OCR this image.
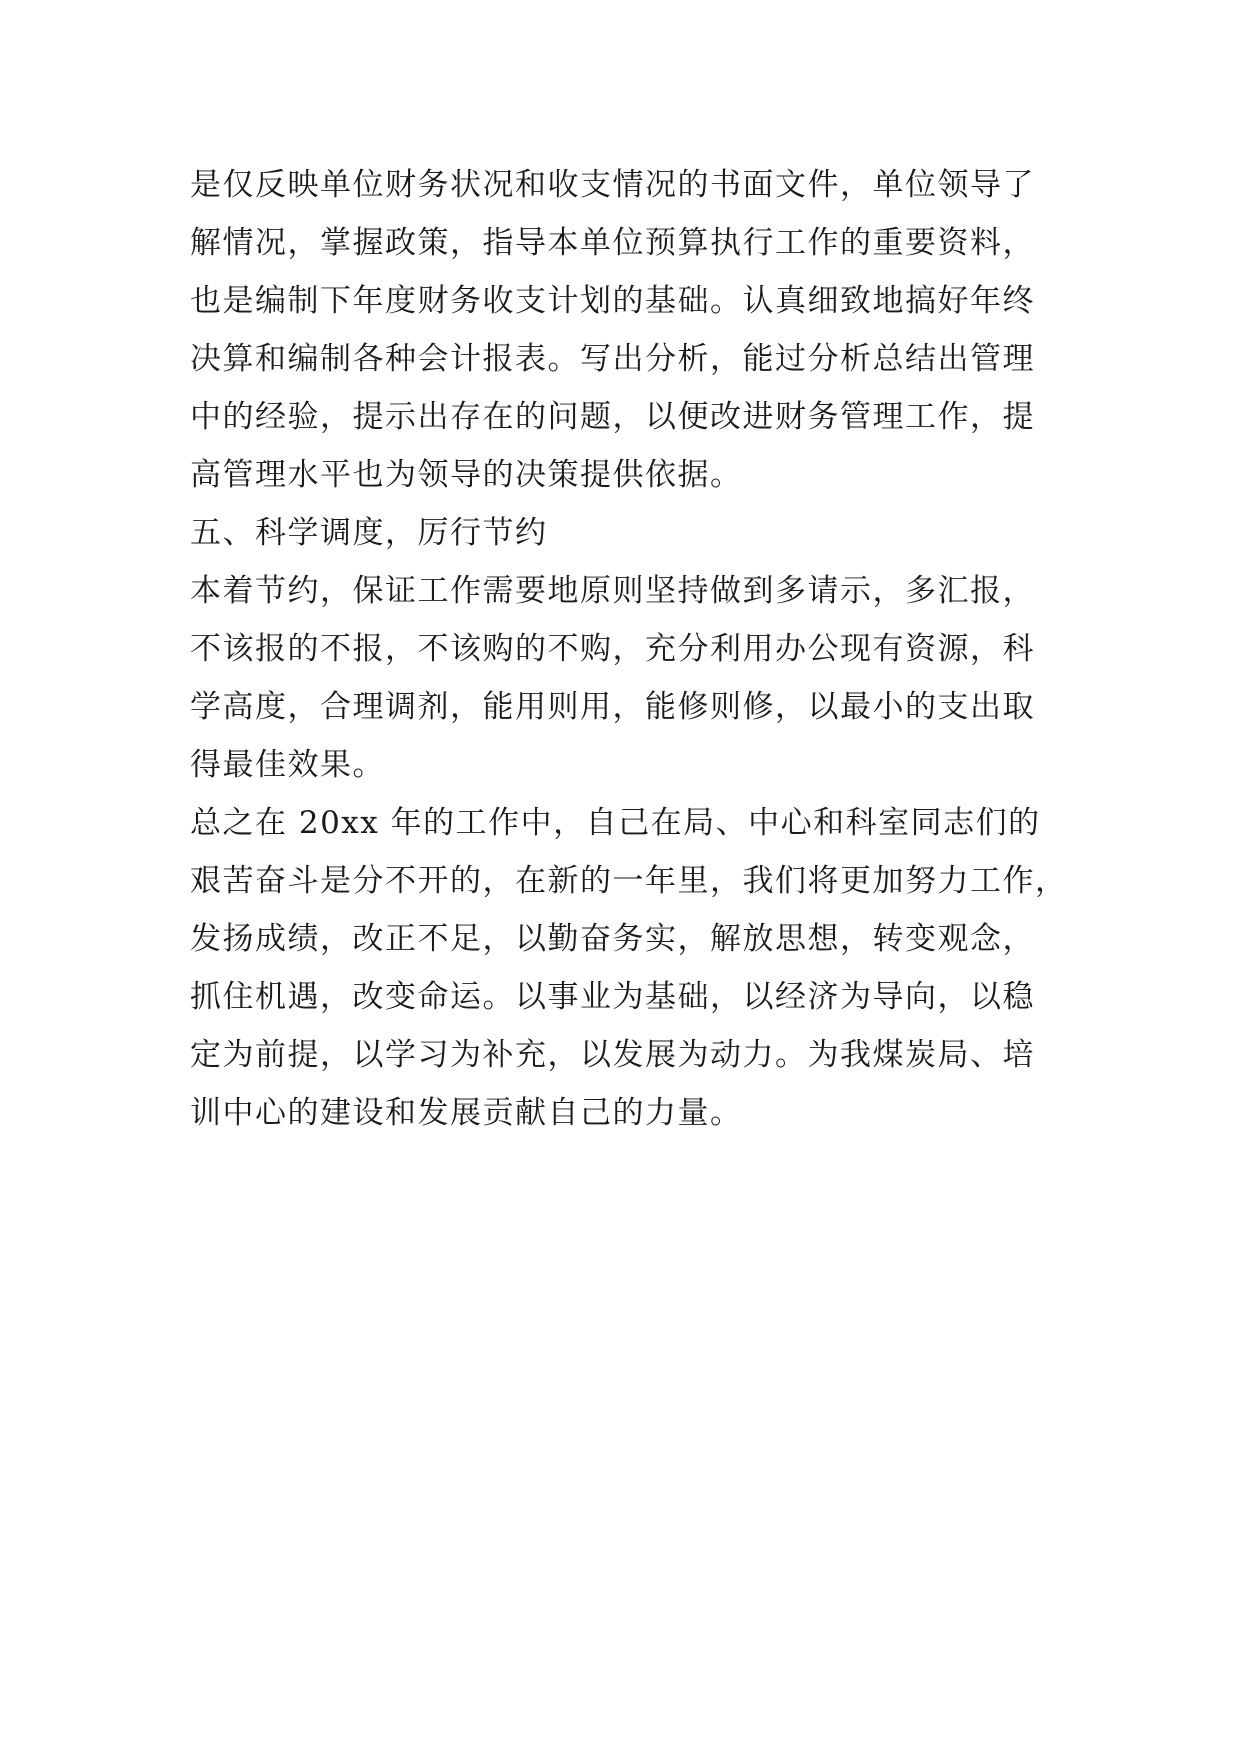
是仅反映单位财务状况和收支情况的书面文件，单位领导了
解情况，掌握政策，指导本单位预算执行工作的重要资料，
也是编制下年度财务收支计划的基础。认真细致地搞好年终
决算和编制各种会计报表。写出分析，能过分析总结出管理
中的经验，提示出存在的问题，以便改进财务管理工作，提
高管理水平也为领导的决策提供依据。
五、科学调度，厉行节约
本着节约，保证工作需要地原则坚持做到多请示，多汇报，
不该报的不报，不该购的不购，充分利用办公现有资源，科
学高度，合理调剂，能用则用，能修则修，以最小的支出取
得最佳效果。
总之在 20xx 年的工作中，自己在局、中心和科室同志们的
艰苦奋斗是分不开的，在新的一年里，我们将更加努力工作，
发扬成绩，改正不足，以勤奋务实，解放思想，转变观念，
抓住机遇，改变命运。以事业为基础，以经济为导向，以稳
定为前提，以学习为补充，以发展为动力。为我煤炭局、培
训中心的建设和发展贡献自己的力量。
